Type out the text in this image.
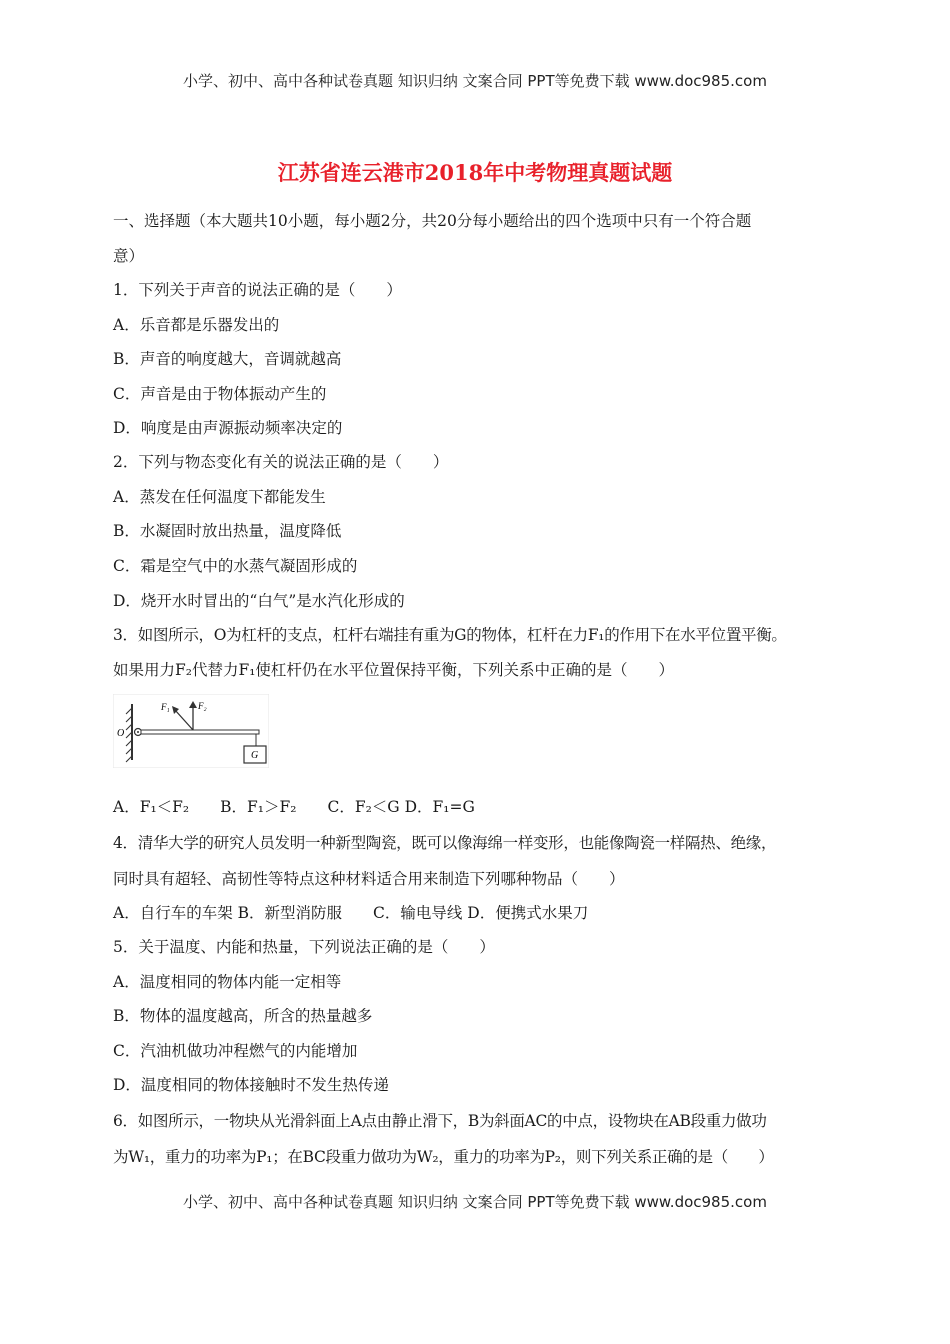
小学、初中、高中各种试卷真题 知识归纳 文案合同 PPT等免费下载 www.doc985.com
江苏省连云港市2018年中考物理真题试题
一、选择题（本大题共10小题，每小题2分，共20分每小题给出的四个选项中只有一个符合题
意）
1．下列关于声音的说法正确的是（　　）
A．乐音都是乐器发出的
B．声音的响度越大，音调就越高
C．声音是由于物体振动产生的
D．响度是由声源振动频率决定的
2．下列与物态变化有关的说法正确的是（　　）
A．蒸发在任何温度下都能发生
B．水凝固时放出热量，温度降低
C．霜是空气中的水蒸气凝固形成的
D．烧开水时冒出的“白气”是水汽化形成的
3．如图所示，O为杠杆的支点，杠杆右端挂有重为G的物体，杠杆在力F₁的作用下在水平位置平衡。
如果用力F₂代替力F₁使杠杆仍在水平位置保持平衡，下列关系中正确的是（　　）
O
F₁	F₂
G
A．F₁＜F₂　　B．F₁＞F₂　　C．F₂＜G D．F₁=G
4．清华大学的研究人员发明一种新型陶瓷，既可以像海绵一样变形，也能像陶瓷一样隔热、绝缘，
同时具有超轻、高韧性等特点这种材料适合用来制造下列哪种物品（　　）
A．自行车的车架 B．新型消防服　　C．输电导线 D．便携式水果刀
5．关于温度、内能和热量，下列说法正确的是（　　）
A．温度相同的物体内能一定相等
B．物体的温度越高，所含的热量越多
C．汽油机做功冲程燃气的内能增加
D．温度相同的物体接触时不发生热传递
6．如图所示，一物块从光滑斜面上A点由静止滑下，B为斜面AC的中点，设物块在AB段重力做功
为W₁，重力的功率为P₁；在BC段重力做功为W₂，重力的功率为P₂，则下列关系正确的是（　　）
小学、初中、高中各种试卷真题 知识归纳 文案合同 PPT等免费下载 www.doc985.com
